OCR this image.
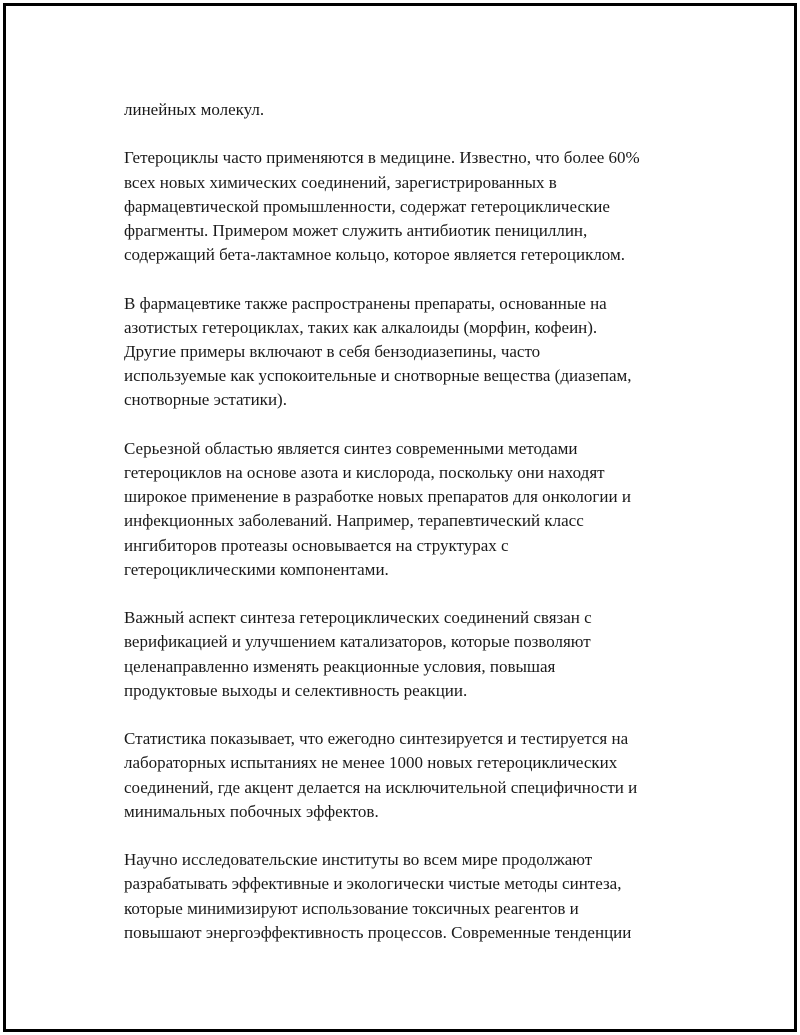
линейных молекул.

Гетероциклы часто применяются в медицине. Известно, что более 60%
всех новых химических соединений, зарегистрированных в
фармацевтической промышленности, содержат гетероциклические
фрагменты. Примером может служить антибиотик пенициллин,
содержащий бета-лактамное кольцо, которое является гетероциклом.

В фармацевтике также распространены препараты, основанные на
азотистых гетероциклах, таких как алкалоиды (морфин, кофеин).
Другие примеры включают в себя бензодиазепины, часто
используемые как успокоительные и снотворные вещества (диазепам,
снотворные эстатики).

Серьезной областью является синтез современными методами
гетероциклов на основе азота и кислорода, поскольку они находят
широкое применение в разработке новых препаратов для онкологии и
инфекционных заболеваний. Например, терапевтический класс
ингибиторов протеазы основывается на структурах с
гетероциклическими компонентами.

Важный аспект синтеза гетероциклических соединений связан с
верификацией и улучшением катализаторов, которые позволяют
целенаправленно изменять реакционные условия, повышая
продуктовые выходы и селективность реакции.

Статистика показывает, что ежегодно синтезируется и тестируется на
лабораторных испытаниях не менее 1000 новых гетероциклических
соединений, где акцент делается на исключительной специфичности и
минимальных побочных эффектов.

Научно исследовательские институты во всем мире продолжают
разрабатывать эффективные и экологически чистые методы синтеза,
которые минимизируют использование токсичных реагентов и
повышают энергоэффективность процессов. Современные тенденции
